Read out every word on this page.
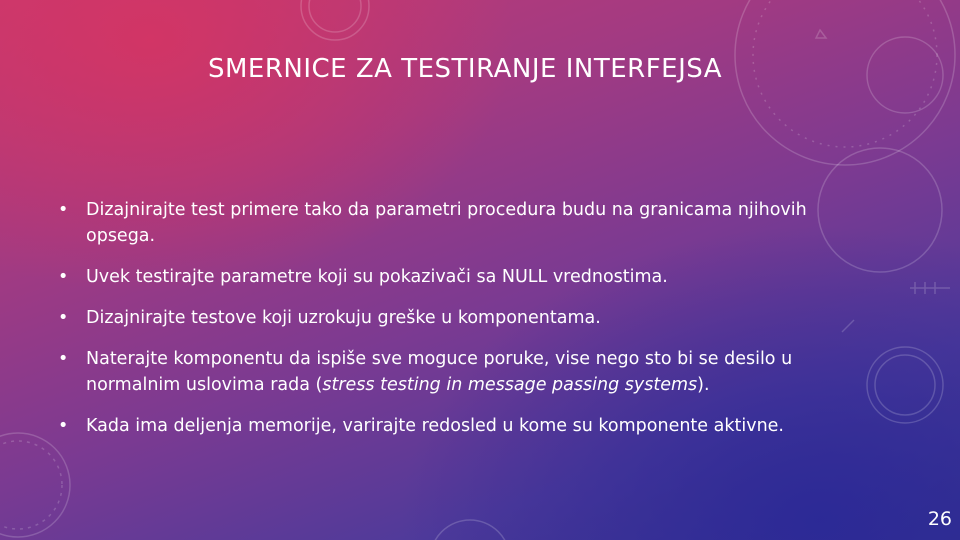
SMERNICE ZA TESTIRANJE INTERFEJSA
• Dizajnirajte test primere tako da parametri procedura budu na granicama njihovih opsega.
• Uvek testirajte parametre koji su pokazivači sa NULL vrednostima.
• Dizajnirajte testove koji uzrokuju greške u komponentama.
• Naterajte komponentu da ispiše sve moguce poruke, vise nego sto bi se desilo u normalnim uslovima rada (stress testing in message passing systems).
• Kada ima deljenja memorije, varirajte redosled u kome su komponente aktivne.
26
